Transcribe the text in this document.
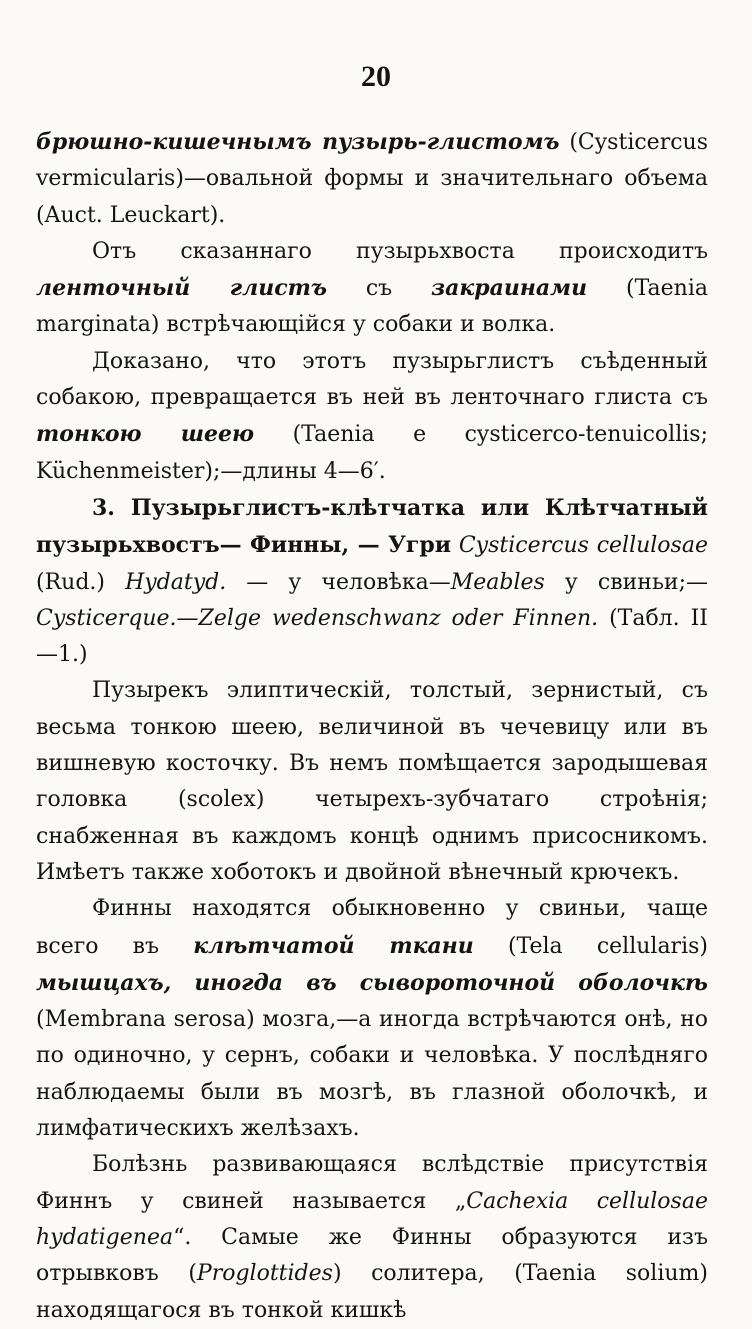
20

брюшно-кишечнымъ пузырь-глистомъ (Cysticercus vermicularis)—овальной формы и значительнаго объема (Auct. Leuckart).

Отъ сказаннаго пузырьхвоста происходитъ ленточный глистъ съ закраинами (Taenia marginata) встрѣчающійся у собаки и волка.

Доказано, что этотъ пузырьглистъ съѣденный собакою, превращается въ ней въ ленточнаго глиста съ тонкою шеею (Taenia e cysticerco-tenuicollis; Küchenmeister);—длины 4—6′.

3. Пузырьглистъ-клѣтчатка или Клѣтчатный пузырьхвостъ— Финны, — Угри Cysticercus cellulosae (Rud.) Hydatyd. — у человѣка—Meables у свиньи;—Cysticerque.—Zelge wedenschwanz oder Finnen. (Табл. II—1.)

Пузырекъ элиптическій, толстый, зернистый, съ весьма тонкою шеею, величиной въ чечевицу или въ вишневую косточку. Въ немъ помѣщается зародышевая головка (scolex) четырехъ-зубчатаго строѣнія; снабженная въ каждомъ концѣ однимъ присосникомъ. Имѣетъ также хоботокъ и двойной вѣнечный крючекъ.

Финны находятся обыкновенно у свиньи, чаще всего въ клѣтчатой ткани (Tela cellularis) мышцахъ, иногда въ сывороточной оболочкѣ (Membrana serosa) мозга,—а иногда встрѣчаются онѣ, но по одиночно, у сернъ, собаки и человѣка. У послѣдняго наблюдаемы были въ мозгѣ, въ глазной оболочкѣ, и лимфатическихъ желѣзахъ.

Болѣзнь развивающаяся вслѣдствіе присутствія Финнъ у свиней называется „Cachexia cellulosae hydatigenea“. Самые же Финны образуются изъ отрывковъ (Proglottides) солитера, (Taenia solium) находящагося въ тонкой кишкѣ
